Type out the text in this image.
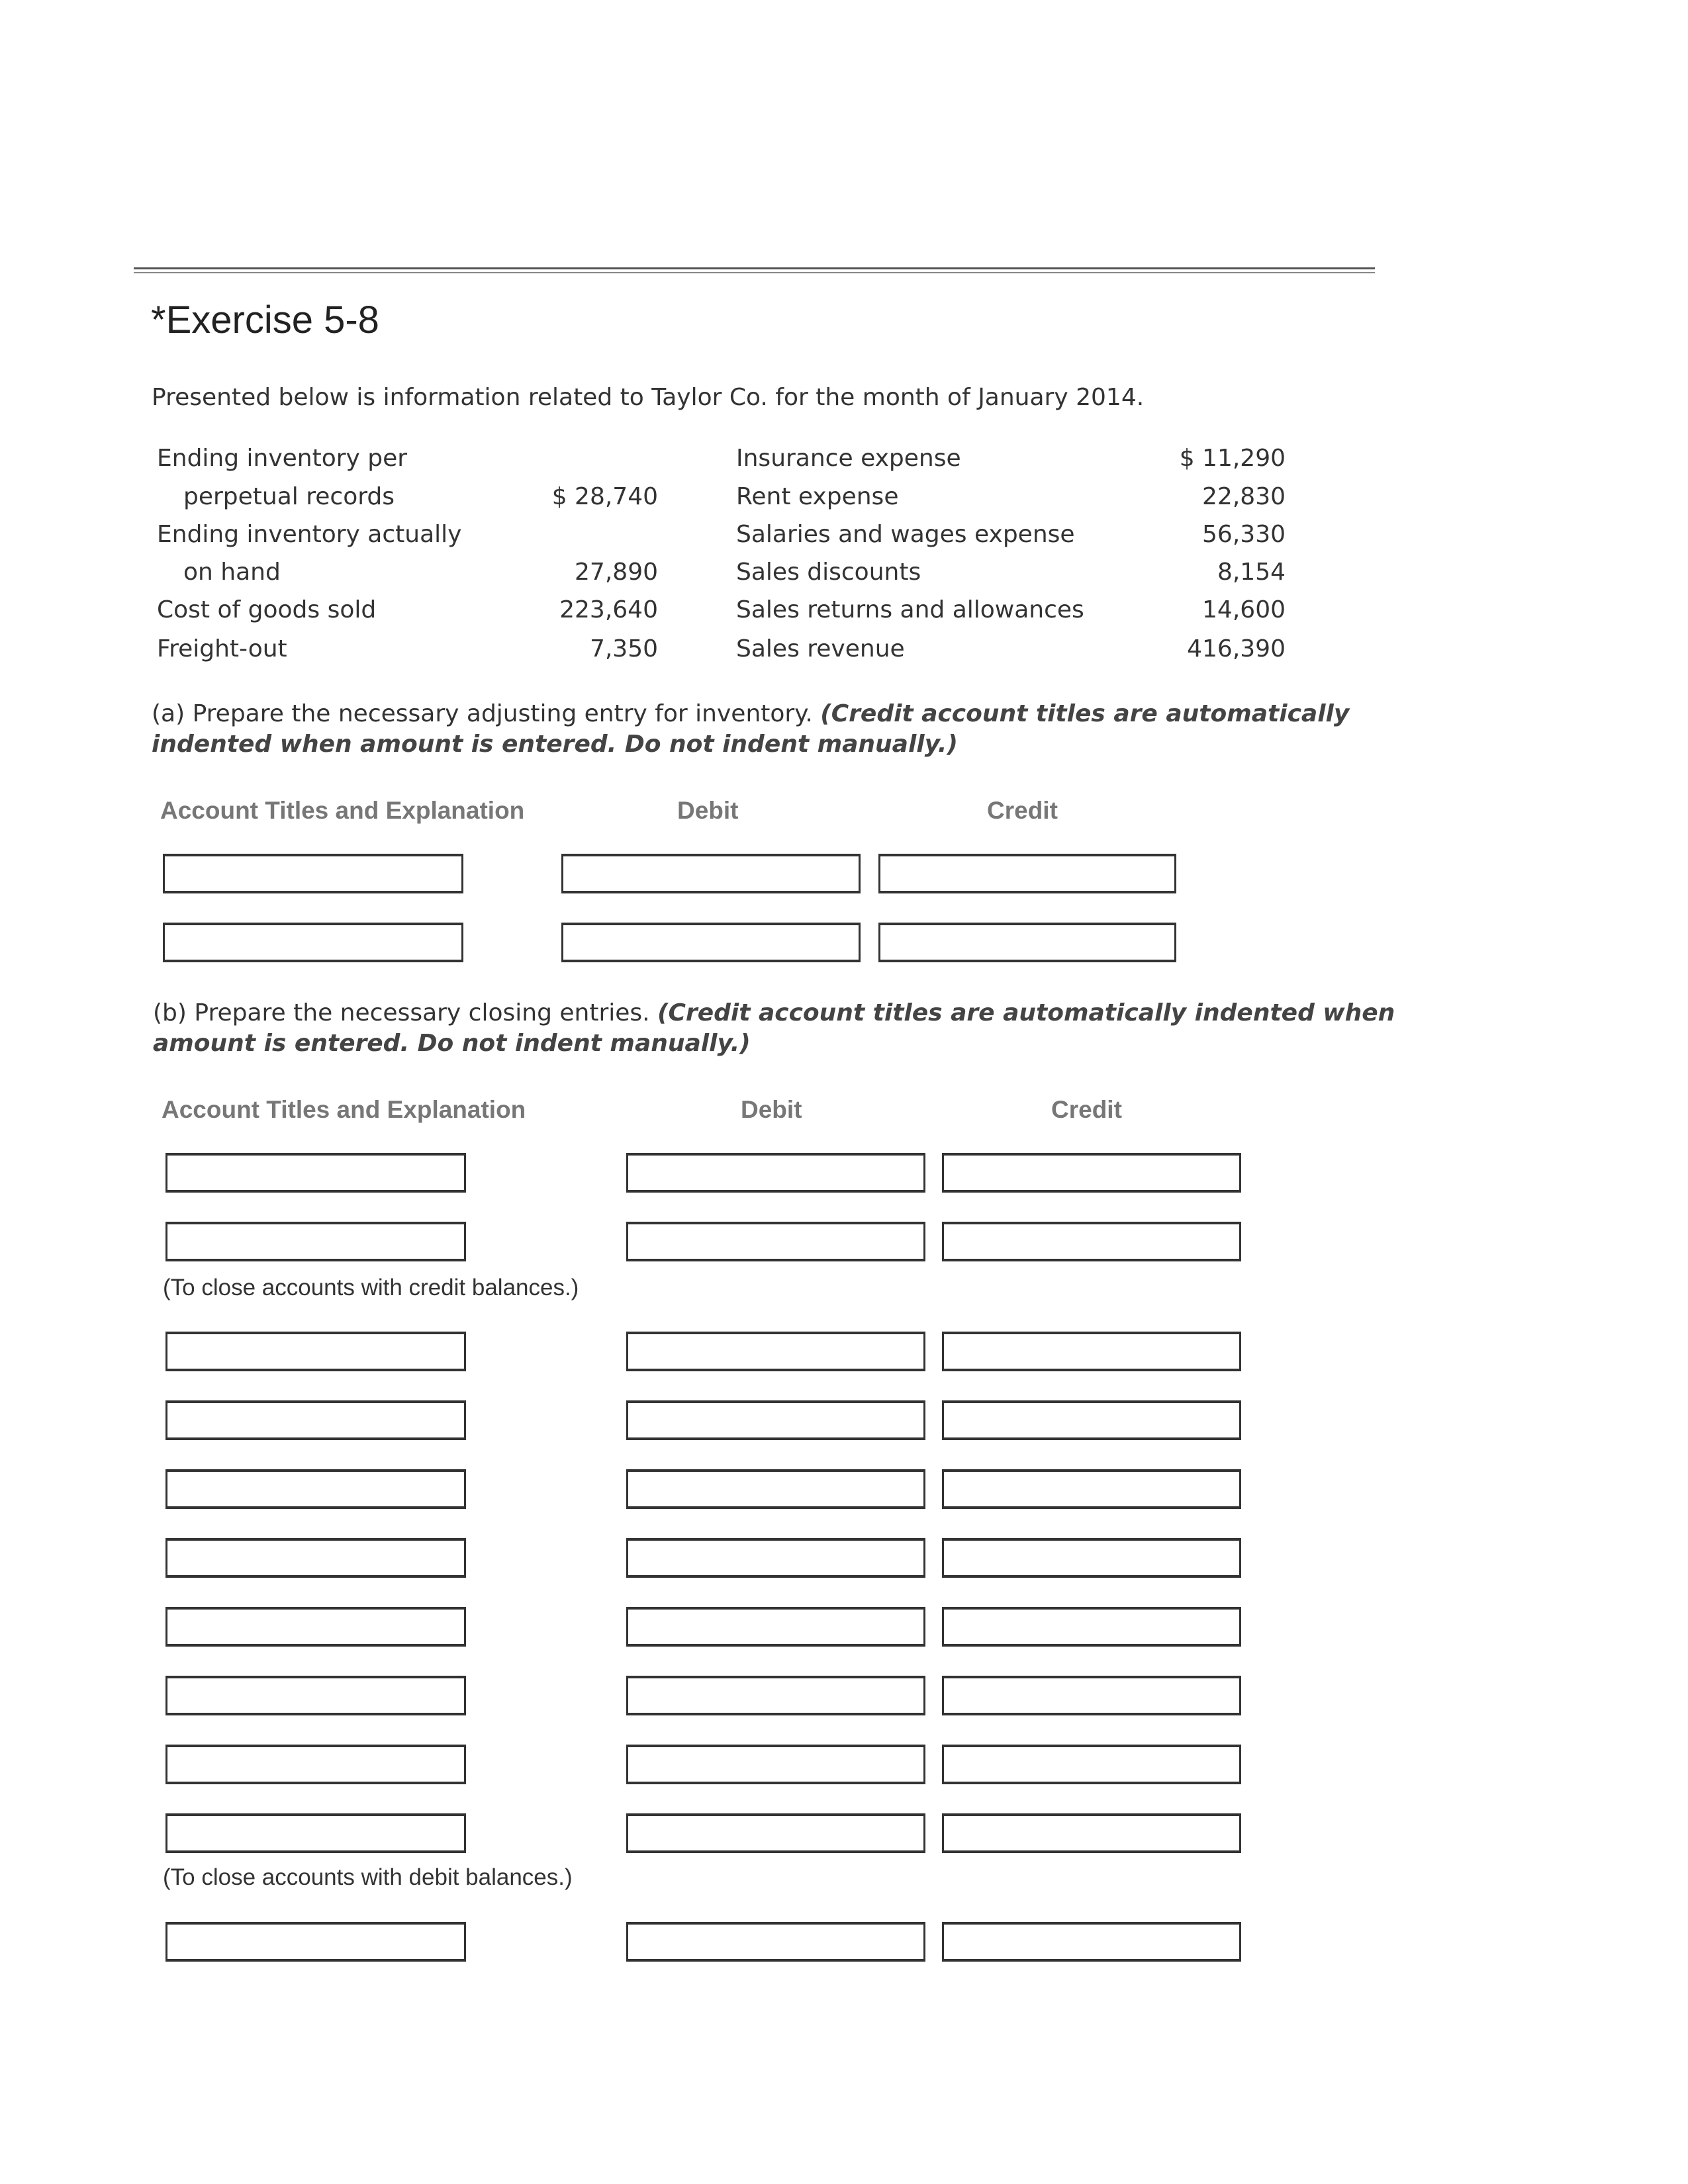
*Exercise 5-8
Presented below is information related to Taylor Co. for the month of January 2014.
Ending inventory per
perpetual records	$ 28,740
Ending inventory actually
on hand	27,890
Cost of goods sold	223,640
Freight-out	7,350
Insurance expense	$ 11,290
Rent expense	22,830
Salaries and wages expense	56,330
Sales discounts	8,154
Sales returns and allowances	14,600
Sales revenue	416,390
(a) Prepare the necessary adjusting entry for inventory. (Credit account titles are automatically
indented when amount is entered. Do not indent manually.)
Account Titles and Explanation	Debit	Credit
(b) Prepare the necessary closing entries. (Credit account titles are automatically indented when
amount is entered. Do not indent manually.)
Account Titles and Explanation	Debit	Credit
(To close accounts with credit balances.)
(To close accounts with debit balances.)
